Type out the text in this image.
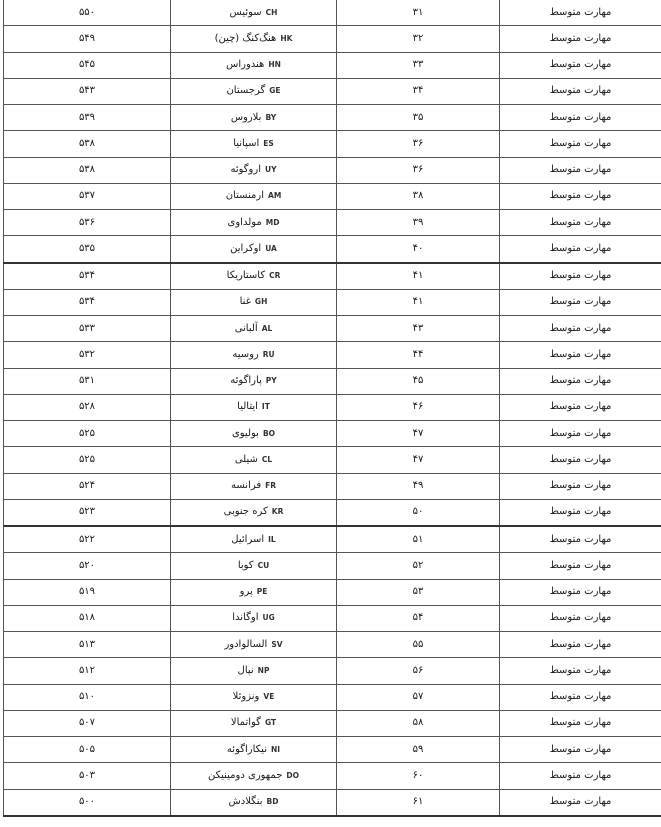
مهارت متوسط	۳۱	CHسوئیس	۵۵۰
مهارت متوسط	۳۲	HKهنگ‌کنگ (چین)	۵۴۹
مهارت متوسط	۳۳	HNهندوراس	۵۴۵
مهارت متوسط	۳۴	GEگرجستان	۵۴۳
مهارت متوسط	۳۵	BYبلاروس	۵۳۹
مهارت متوسط	۳۶	ESاسپانیا	۵۳۸
مهارت متوسط	۳۶	UYاروگوئه	۵۳۸
مهارت متوسط	۳۸	AMارمنستان	۵۳۷
مهارت متوسط	۳۹	MDمولداوی	۵۳۶
مهارت متوسط	۴۰	UAاوکراین	۵۳۵
مهارت متوسط	۴۱	CRکاستاریکا	۵۳۴
مهارت متوسط	۴۱	GHغنا	۵۳۴
مهارت متوسط	۴۳	ALآلبانی	۵۳۳
مهارت متوسط	۴۴	RUروسیه	۵۳۲
مهارت متوسط	۴۵	PYپاراگوئه	۵۳۱
مهارت متوسط	۴۶	ITایتالیا	۵۲۸
مهارت متوسط	۴۷	BOبولیوی	۵۲۵
مهارت متوسط	۴۷	CLشیلی	۵۲۵
مهارت متوسط	۴۹	FRفرانسه	۵۲۴
مهارت متوسط	۵۰	KRکره جنوبی	۵۲۳
مهارت متوسط	۵۱	ILاسرائیل	۵۲۲
مهارت متوسط	۵۲	CUکوبا	۵۲۰
مهارت متوسط	۵۳	PEپرو	۵۱۹
مهارت متوسط	۵۴	UGاوگاندا	۵۱۸
مهارت متوسط	۵۵	SVالسالوادور	۵۱۳
مهارت متوسط	۵۶	NPنپال	۵۱۲
مهارت متوسط	۵۷	VEونزوئلا	۵۱۰
مهارت متوسط	۵۸	GTگواتمالا	۵۰۷
مهارت متوسط	۵۹	NIنیکاراگوئه	۵۰۵
مهارت متوسط	۶۰	DOجمهوری دومینیکن	۵۰۳
مهارت متوسط	۶۱	BDبنگلادش	۵۰۰
